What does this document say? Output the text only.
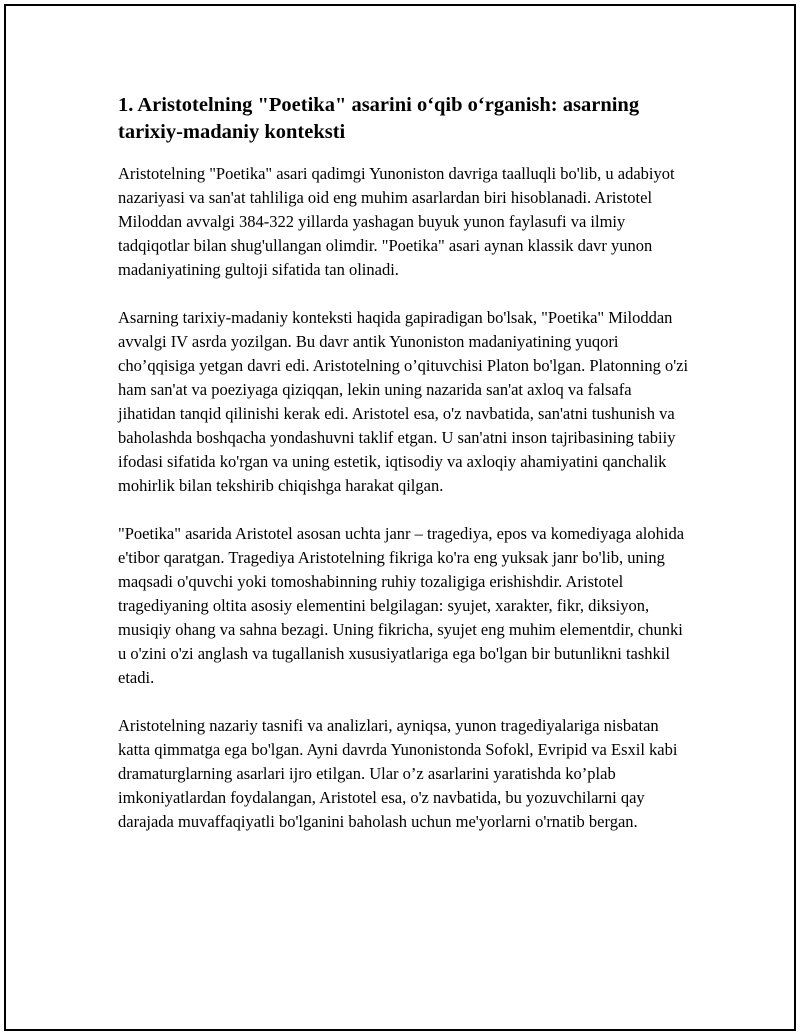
1. Aristotelning "Poetika" asarini o‘qib o‘rganish: asarning tarixiy-madaniy konteksti

Aristotelning "Poetika" asari qadimgi Yunoniston davriga taalluqli bo'lib, u adabiyot nazariyasi va san'at tahliliga oid eng muhim asarlardan biri hisoblanadi. Aristotel Miloddan avvalgi 384-322 yillarda yashagan buyuk yunon faylasufi va ilmiy tadqiqotlar bilan shug'ullangan olimdir. "Poetika" asari aynan klassik davr yunon madaniyatining gultoji sifatida tan olinadi.

Asarning tarixiy-madaniy konteksti haqida gapiradigan bo'lsak, "Poetika" Miloddan avvalgi IV asrda yozilgan. Bu davr antik Yunoniston madaniyatining yuqori cho’qqisiga yetgan davri edi. Aristotelning o’qituvchisi Platon bo'lgan. Platonning o'zi ham san'at va poeziyaga qiziqqan, lekin uning nazarida san'at axloq va falsafa jihatidan tanqid qilinishi kerak edi. Aristotel esa, o'z navbatida, san'atni tushunish va baholashda boshqacha yondashuvni taklif etgan. U san'atni inson tajribasining tabiiy ifodasi sifatida ko'rgan va uning estetik, iqtisodiy va axloqiy ahamiyatini qanchalik mohirlik bilan tekshirib chiqishga harakat qilgan.

"Poetika" asarida Aristotel asosan uchta janr – tragediya, epos va komediyaga alohida e'tibor qaratgan. Tragediya Aristotelning fikriga ko'ra eng yuksak janr bo'lib, uning maqsadi o'quvchi yoki tomoshabinning ruhiy tozaligiga erishishdir. Aristotel tragediyaning oltita asosiy elementini belgilagan: syujet, xarakter, fikr, diksiyon, musiqiy ohang va sahna bezagi. Uning fikricha, syujet eng muhim elementdir, chunki u o'zini o'zi anglash va tugallanish xususiyatlariga ega bo'lgan bir butunlikni tashkil etadi.

Aristotelning nazariy tasnifi va analizlari, ayniqsa, yunon tragediyalariga nisbatan katta qimmatga ega bo'lgan. Ayni davrda Yunonistonda Sofokl, Evripid va Esxil kabi dramaturglarning asarlari ijro etilgan. Ular o’z asarlarini yaratishda ko’plab imkoniyatlardan foydalangan, Aristotel esa, o'z navbatida, bu yozuvchilarni qay darajada muvaffaqiyatli bo'lganini baholash uchun me'yorlarni o'rnatib bergan.
